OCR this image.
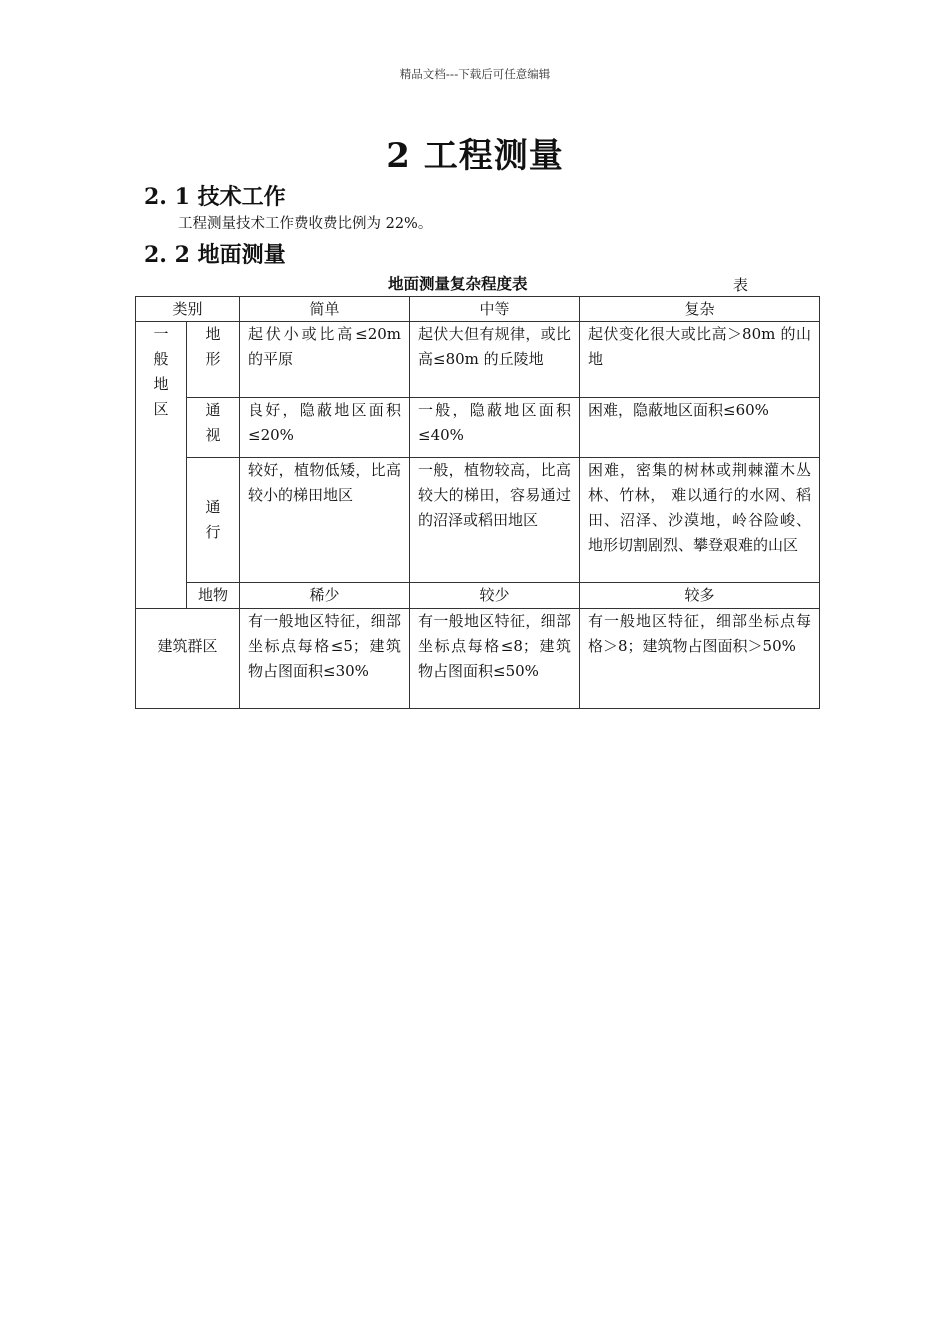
精品文档---下载后可任意编辑
2 工程测量
2. 1 技术工作
工程测量技术工作费收费比例为 22%。
2. 2 地面测量
地面测量复杂程度表	表
类别		简单	中等	复杂

一般地区	地形	起伏小或比高≤20m 的平原	起伏大但有规律，或比高≤80m 的丘陵地	起伏变化很大或比高＞80m 的山地

	通视	良好，隐蔽地区面积≤20%	一般，隐蔽地区面积≤40%	困难，隐蔽地区面积≤60%

	通行	较好，植物低矮，比高较小的梯田地区	一般，植物较高，比高较大的梯田，容易通过的沼泽或稻田地区	困难，密集的树林或荆棘灌木丛林、竹林， 难以通行的水网、稻田、沼泽、沙漠地，岭谷险峻、地形切割剧烈、攀登艰难的山区
	地物	稀少	较少	较多
建筑群区		有一般地区特征，细部坐标点每格≤5；建筑物占图面积≤30%	有一般地区特征，细部坐标点每格≤8；建筑物占图面积≤50%	有一般地区特征，细部坐标点每格＞8；建筑物占图面积＞50%
